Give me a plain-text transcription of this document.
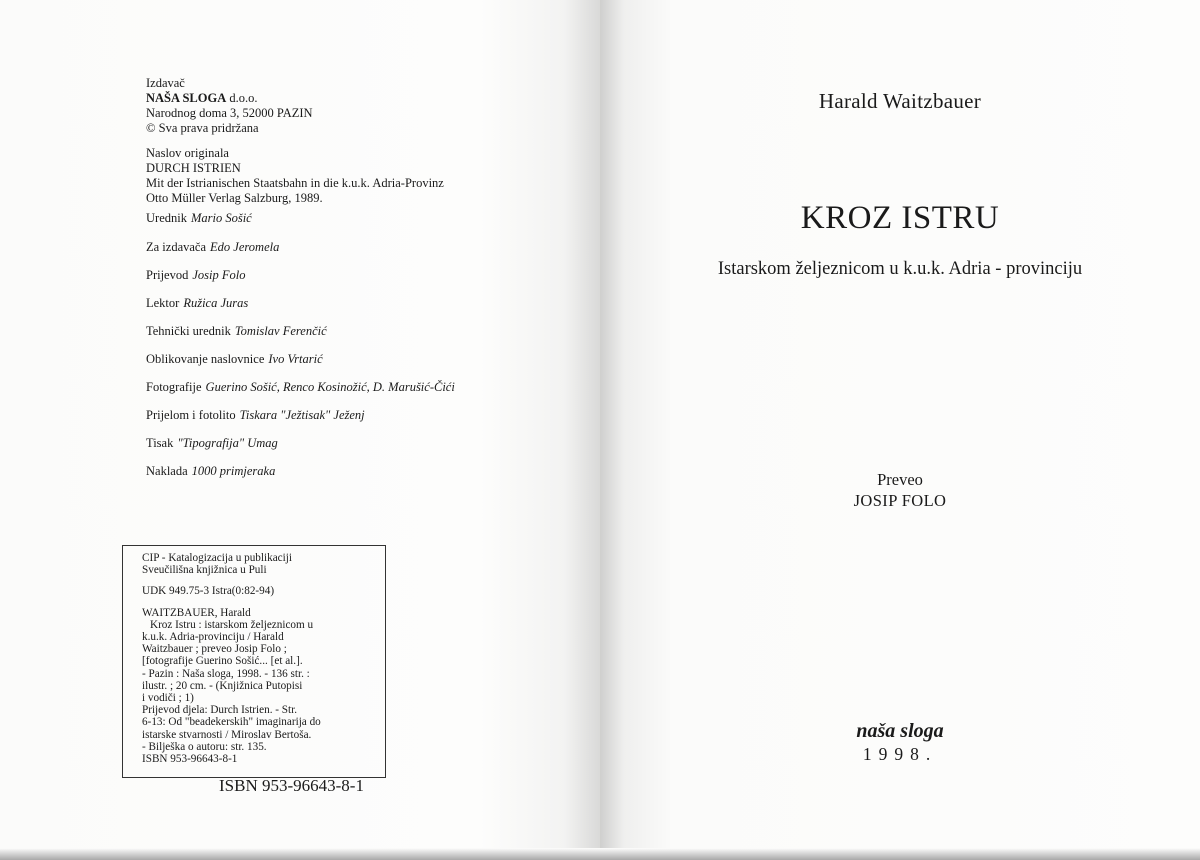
Izdavač
NAŠA SLOGA d.o.o.
Narodnog doma 3, 52000 PAZIN
© Sva prava pridržana
Naslov originala
DURCH ISTRIEN
Mit der Istrianischen Staatsbahn in die k.u.k. Adria-Provinz
Otto Müller Verlag Salzburg, 1989.
Urednik Mario Sošić
Za izdavača Edo Jeromela
Prijevod Josip Folo
Lektor Ružica Juras
Tehnički urednik Tomislav Ferenčić
Oblikovanje naslovnice Ivo Vrtarić
Fotografije Guerino Sošić, Renco Kosinožić, D. Marušić-Čići
Prijelom i fotolito Tiskara "Ježtisak" Ježenj
Tisak "Tipografija" Umag
Naklada 1000 primjeraka
CIP - Katalogizacija u publikaciji
Sveučilišna knjižnica u Puli
UDK 949.75-3 Istra(0:82-94)
WAITZBAUER, Harald
Kroz Istru : istarskom željeznicom u
k.u.k. Adria-provinciju / Harald
Waitzbauer ; preveo Josip Folo ;
[fotografije Guerino Sošić... [et al.].
- Pazin : Naša sloga, 1998. - 136 str. :
ilustr. ; 20 cm. - (Knjižnica Putopisi
i vodiči ; 1)
Prijevod djela: Durch Istrien. - Str.
6-13: Od "beadekerskih" imaginarija do
istarske stvarnosti / Miroslav Bertoša.
- Bilješka o autoru: str. 135.
ISBN 953-96643-8-1
ISBN 953-96643-8-1
Harald Waitzbauer
KROZ ISTRU
Istarskom željeznicom u k.u.k. Adria - provinciju
Preveo
JOSIP FOLO
naša sloga
1998.
